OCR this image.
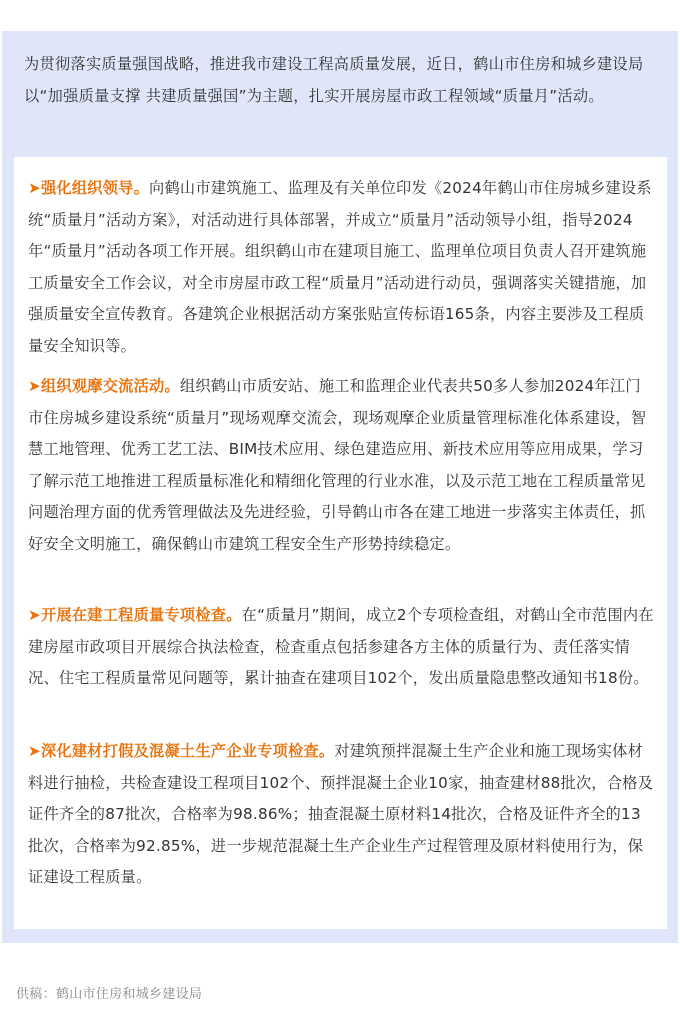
为贯彻落实质量强国战略，推进我市建设工程高质量发展，近日，鹤山市住房和城乡建设局以“加强质量支撑 共建质量强国”为主题，扎实开展房屋市政工程领域“质量月”活动。

➤强化组织领导。向鹤山市建筑施工、监理及有关单位印发《2024年鹤山市住房城乡建设系统“质量月”活动方案》，对活动进行具体部署，并成立“质量月”活动领导小组，指导2024年“质量月”活动各项工作开展。组织鹤山市在建项目施工、监理单位项目负责人召开建筑施工质量安全工作会议，对全市房屋市政工程“质量月”活动进行动员，强调落实关键措施，加强质量安全宣传教育。各建筑企业根据活动方案张贴宣传标语165条，内容主要涉及工程质量安全知识等。

➤组织观摩交流活动。组织鹤山市质安站、施工和监理企业代表共50多人参加2024年江门市住房城乡建设系统“质量月”现场观摩交流会，现场观摩企业质量管理标准化体系建设，智慧工地管理、优秀工艺工法、BIM技术应用、绿色建造应用、新技术应用等应用成果，学习了解示范工地推进工程质量标准化和精细化管理的行业水准，以及示范工地在工程质量常见问题治理方面的优秀管理做法及先进经验，引导鹤山市各在建工地进一步落实主体责任，抓好安全文明施工，确保鹤山市建筑工程安全生产形势持续稳定。

➤开展在建工程质量专项检查。在“质量月”期间，成立2个专项检查组，对鹤山全市范围内在建房屋市政项目开展综合执法检查，检查重点包括参建各方主体的质量行为、责任落实情况、住宅工程质量常见问题等，累计抽查在建项目102个，发出质量隐患整改通知书18份。

➤深化建材打假及混凝土生产企业专项检查。对建筑预拌混凝土生产企业和施工现场实体材料进行抽检，共检查建设工程项目102个、预拌混凝土企业10家，抽查建材88批次，合格及证件齐全的87批次，合格率为98.86%；抽查混凝土原材料14批次，合格及证件齐全的13批次，合格率为92.85%，进一步规范混凝土生产企业生产过程管理及原材料使用行为，保证建设工程质量。

供稿：鹤山市住房和城乡建设局
